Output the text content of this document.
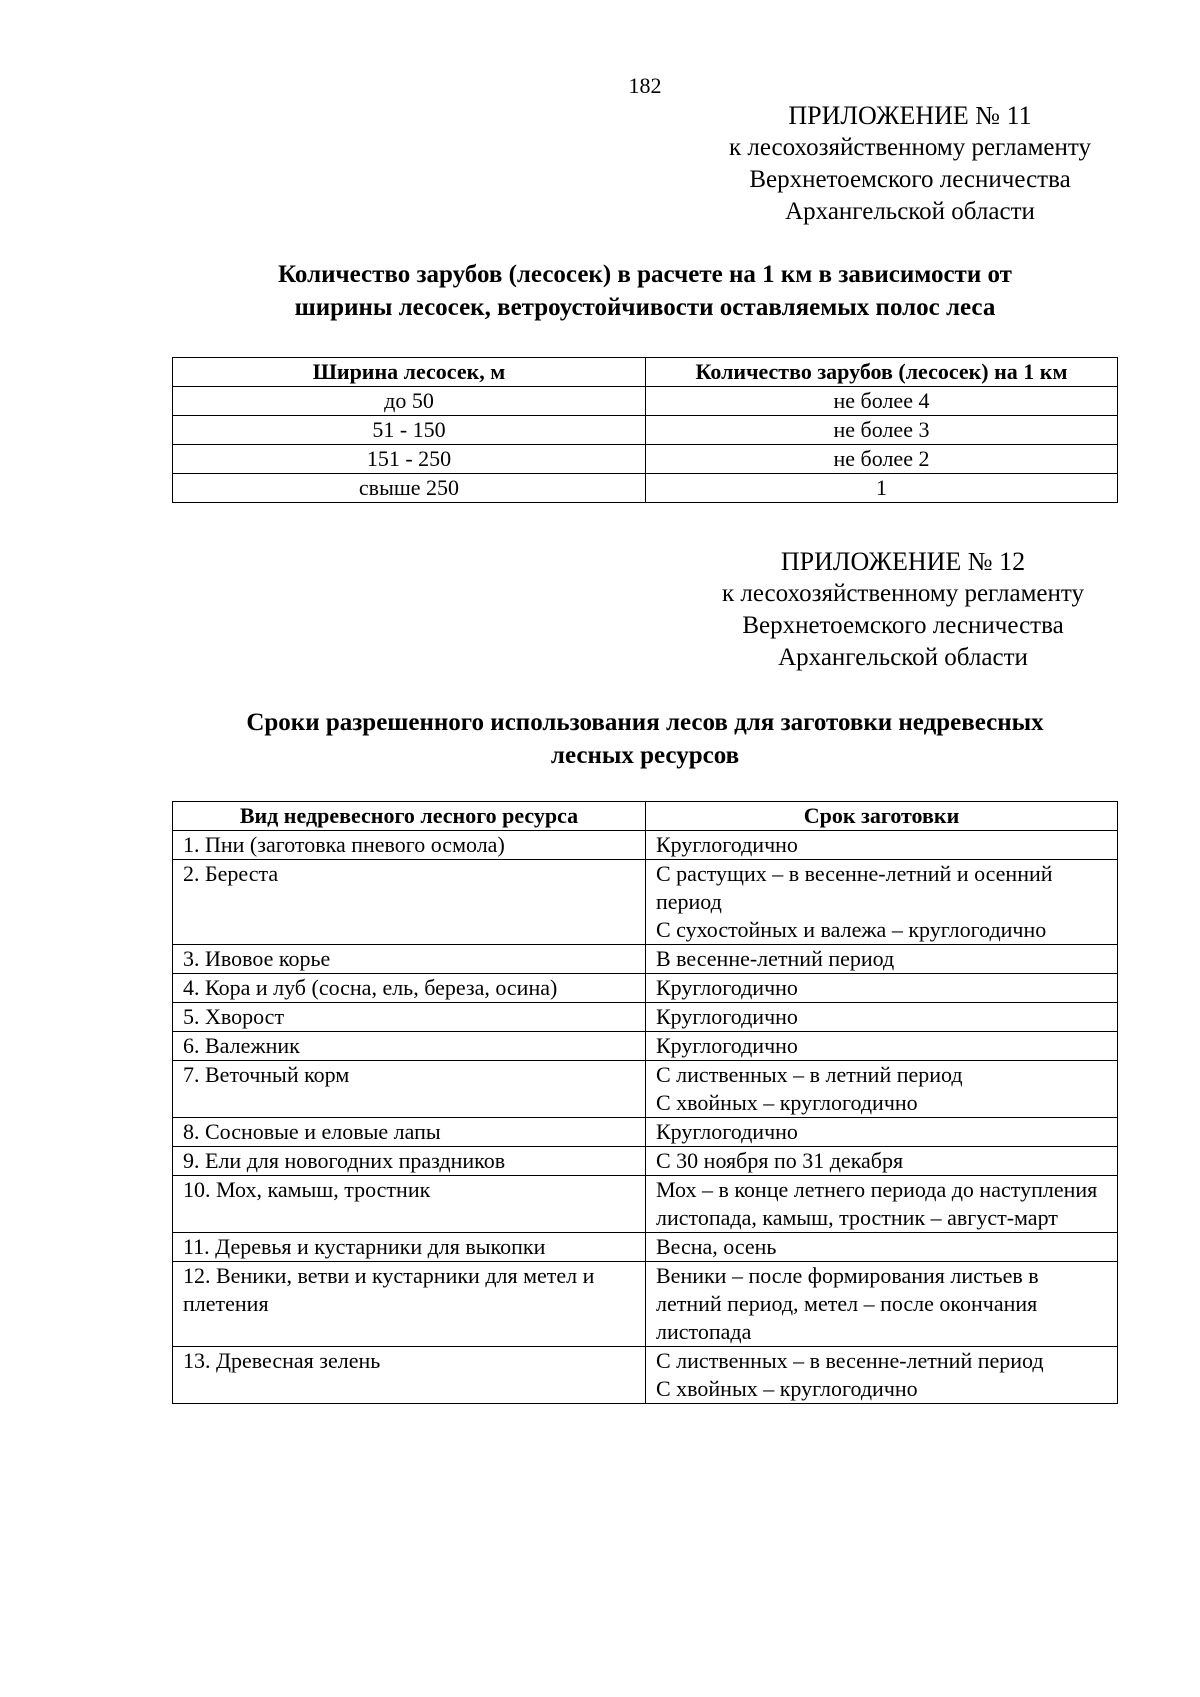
182
ПРИЛОЖЕНИЕ № 11
к лесохозяйственному регламенту
Верхнетоемского лесничества
Архангельской области
Количество зарубов (лесосек) в расчете на 1 км в зависимости от
ширины лесосек, ветроустойчивости оставляемых полос леса
Ширина лесосек, м	Количество зарубов (лесосек) на 1 км
до 50	не более 4
51 - 150	не более 3
151 - 250	не более 2
свыше 250	1
ПРИЛОЖЕНИЕ № 12
к лесохозяйственному регламенту
Верхнетоемского лесничества
Архангельской области
Сроки разрешенного использования лесов для заготовки недревесных
лесных ресурсов
Вид недревесного лесного ресурса	Срок заготовки
1. Пни (заготовка пневого осмола)	Круглогодично
2. Береста	С растущих – в весенне-летний и осенний период
С сухостойных и валежа – круглогодично
3. Ивовое корье	В весенне-летний период
4. Кора и луб (сосна, ель, береза, осина)	Круглогодично
5. Хворост	Круглогодично
6. Валежник	Круглогодично
7. Веточный корм	С лиственных – в летний период
С хвойных – круглогодично
8. Сосновые и еловые лапы	Круглогодично
9. Ели для новогодних праздников	С 30 ноября по 31 декабря
10. Мох, камыш, тростник	Мох – в конце летнего периода до наступления листопада, камыш, тростник – август-март
11. Деревья и кустарники для выкопки	Весна, осень
12. Веники, ветви и кустарники для метел и плетения	Веники – после формирования листьев в летний период, метел – после окончания листопада
13. Древесная зелень	С лиственных – в весенне-летний период
С хвойных – круглогодично
